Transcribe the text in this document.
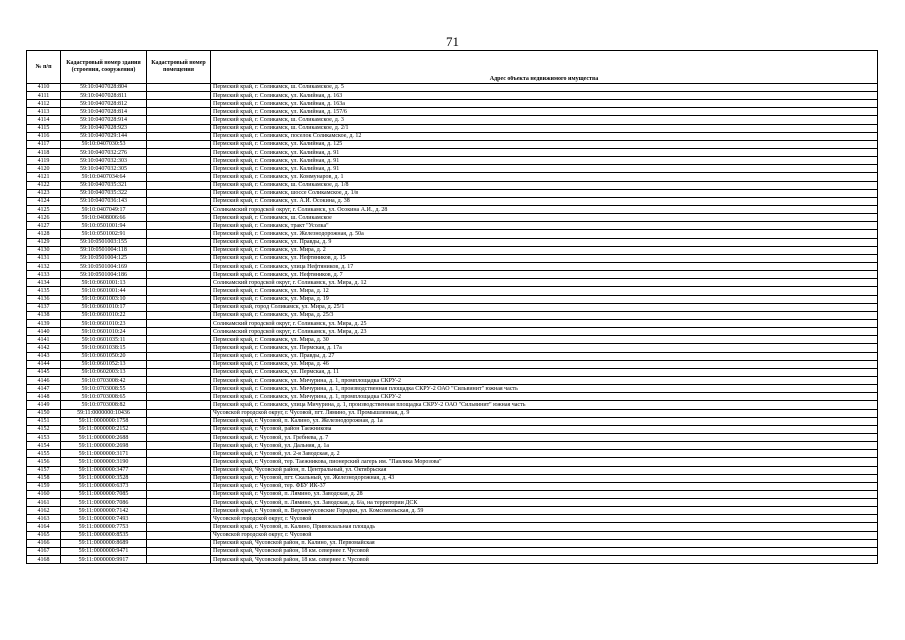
71
№ п/п	Кадастровый номер здания (строения, сооружения)	Кадастровый номер помещения	
			Адрес объекта недвижимого имущества
4110	59:10:0407028:804		Пермский край, г. Соликамск, ш. Соликамское, д. 5
4111	59:10:0407028:811		Пермский край, г. Соликамск, ул. Калийная, д. 163
4112	59:10:0407028:812		Пермский край, г. Соликамск, ул. Калийная, д. 163а
4113	59:10:0407028:814		Пермский край, г. Соликамск, ул. Калийная, д. 157/6
4114	59:10:0407028:914		Пермский край, г. Соликамск, ш. Соликамское, д. 3
4115	59:10:0407028:923		Пермский край, г. Соликамск, ш. Соликамское, д. 2/1
4116	59:10:0407029:144		Пермский край, г. Соликамск, поселок Соликамское, д. 12
4117	59:10:0407030:53		Пермский край, г. Соликамск, ул. Калийная, д. 125
4118	59:10:0407032:276		Пермский край, г. Соликамск, ул. Калийная, д. 91
4119	59:10:0407032:303		Пермский край, г. Соликамск, ул. Калийная, д. 91
4120	59:10:0407032:305		Пермский край, г. Соликамск, ул. Калийная, д. 91
4121	59:10:0407034:64		Пермский край, г. Соликамск, ул. Коммунаров, д. 1
4122	59:10:0407035:321		Пермский край, г. Соликамск, ш. Соликамское, д. 1/8
4123	59:10:0407035:322		Пермский край, г. Соликамск, шоссе Соликамское, д. 1/в
4124	59:10:0407036:143		Пермский край, г. Соликамск, ул. А.И. Осокина, д. 38
4125	59:10:0407049:17		Соликамский городской округ, г. Соликамск, ул. Осокина А.И., д. 28
4126	59:10:0408006:66		Пермский край, г. Соликамск, ш. Соликамское
4127	59:10:0501001:94		Пермский край, г. Соликамск, тракт "Усолка"
4128	59:10:0501002:91		Пермский край, г. Соликамск, ул. Железнодорожная, д. 50а
4129	59:10:0501003:155		Пермский край, г. Соликамск, ул. Правды, д. 9
4130	59:10:0501004:118		Пермский край, г. Соликамск, ул. Мира, д. 2
4131	59:10:0501004:125		Пермский край, г. Соликамск, ул. Нефтяников, д. 15
4132	59:10:0501004:169		Пермский край, г. Соликамск, улица Нефтяников, д. 17
4133	59:10:0501004:186		Пермский край, г. Соликамск, ул. Нефтяников, д. 7
4134	59:10:0601001:13		Соликамский городской округ, г. Соликамск, ул. Мира, д. 12
4135	59:10:0601001:44		Пермский край, г. Соликамск, ул. Мира, д. 12
4136	59:10:0601003:10		Пермский край, г. Соликамск, ул. Мира, д. 19
4137	59:10:0601010:17		Пермский край, город Соликамск, ул. Мира, д. 25/1
4138	59:10:0601010:22		Пермский край, г. Соликамск, ул. Мира, д. 25/3
4139	59:10:0601010:23		Соликамский городской округ, г. Соликамск, ул. Мира, д. 25
4140	59:10:0601010:24		Соликамский городской округ, г. Соликамск, ул. Мира, д. 23
4141	59:10:0601035:11		Пермский край, г. Соликамск, ул. Мира, д. 30
4142	59:10:0601038:15		Пермский край, г. Соликамск, ул. Пермская, д. 17а
4143	59:10:0601050:20		Пермский край, г. Соликамск, ул. Правды, д. 27
4144	59:10:0601052:13		Пермский край, г. Соликамск, ул. Мира, д. 46
4145	59:10:0602003:13		Пермский край, г. Соликамск, ул. Пермская, д. 11
4146	59:10:0703008:42		Пермский край, г. Соликамск, ул. Мичурина, д. 1, промплощадка СКРУ-2
4147	59:10:0703008:55		Пермский край, г. Соликамск, ул. Мичурина, д. 1, производственная площадка СКРУ-2 ОАО "Сильвинит" южная часть
4148	59:10:0703008:65		Пермский край, г. Соликамск, ул. Мичурина, д. 1, промплощадка СКРУ-2
4149	59:10:0703008:82		Пермский край, г. Соликамск, улица Мичурина, д. 1, производственная площадка СКРУ-2 ОАО "Сильвинит" южная часть
4150	59:11:0000000:10436		Чусовской городской округ, г. Чусовой, пгт. Лямино, ул. Промышленная, д. 9
4151	59:11:0000000:1758		Пермский край, г. Чусовой, п. Калино, ул. Железнодорожная, д. 1а
4152	59:11:0000000:2152		Пермский край, г. Чусовой, район Таежникова
4153	59:11:0000000:2688		Пермский край, г. Чусовой, ул. Гребнева, д. 7
4154	59:11:0000000:2698		Пермский край, г. Чусовой, ул. Дальняя, д. 1а
4155	59:11:0000000:3171		Пермский край, г. Чусовой, ул. 2-я Заводская, д. 2
4156	59:11:0000000:3190		Пермский край, г. Чусовой, тер. Таежникова, пионерский лагерь им. "Павлика Морозова"
4157	59:11:0000000:3477		Пермский край, Чусовской район, п. Центральный, ул. Октябрьская
4158	59:11:0000000:3528		Пермский край, г. Чусовой, пгт. Скальный, ул. Железнодорожная, д. 43
4159	59:11:0000000:6373		Пермский край, г. Чусовой, тер. ФБУ ИК-37
4160	59:11:0000000:7085		Пермский край, г. Чусовой, п. Лямино, ул. Заводская, д. 28
4161	59:11:0000000:7086		Пермский край, г. Чусовой, п. Лямино, ул. Заводская, д. 6/а, на территории ДСК
4162	59:11:0000000:7142		Пермский край, г. Чусовой, п. Верхнечусовские Городки, ул. Комсомольская, д. 59
4163	59:11:0000000:7493		Чусовской городской округ, г. Чусовой
4164	59:11:0000000:7753		Пермский край, г. Чусовой, п. Калино, Привокзальная площадь
4165	59:11:0000000:8535		Чусовской городской округ, г. Чусовой
4166	59:11:0000000:8689		Пермский край, Чусовской район, п. Калино, ул. Первомайская
4167	59:11:0000000:9471		Пермский край, Чусовской район, 18 км. севернее г. Чусовой
4168	59:11:0000000:9917		Пермский край, Чусовской район, 18 км. севернее г. Чусовой
